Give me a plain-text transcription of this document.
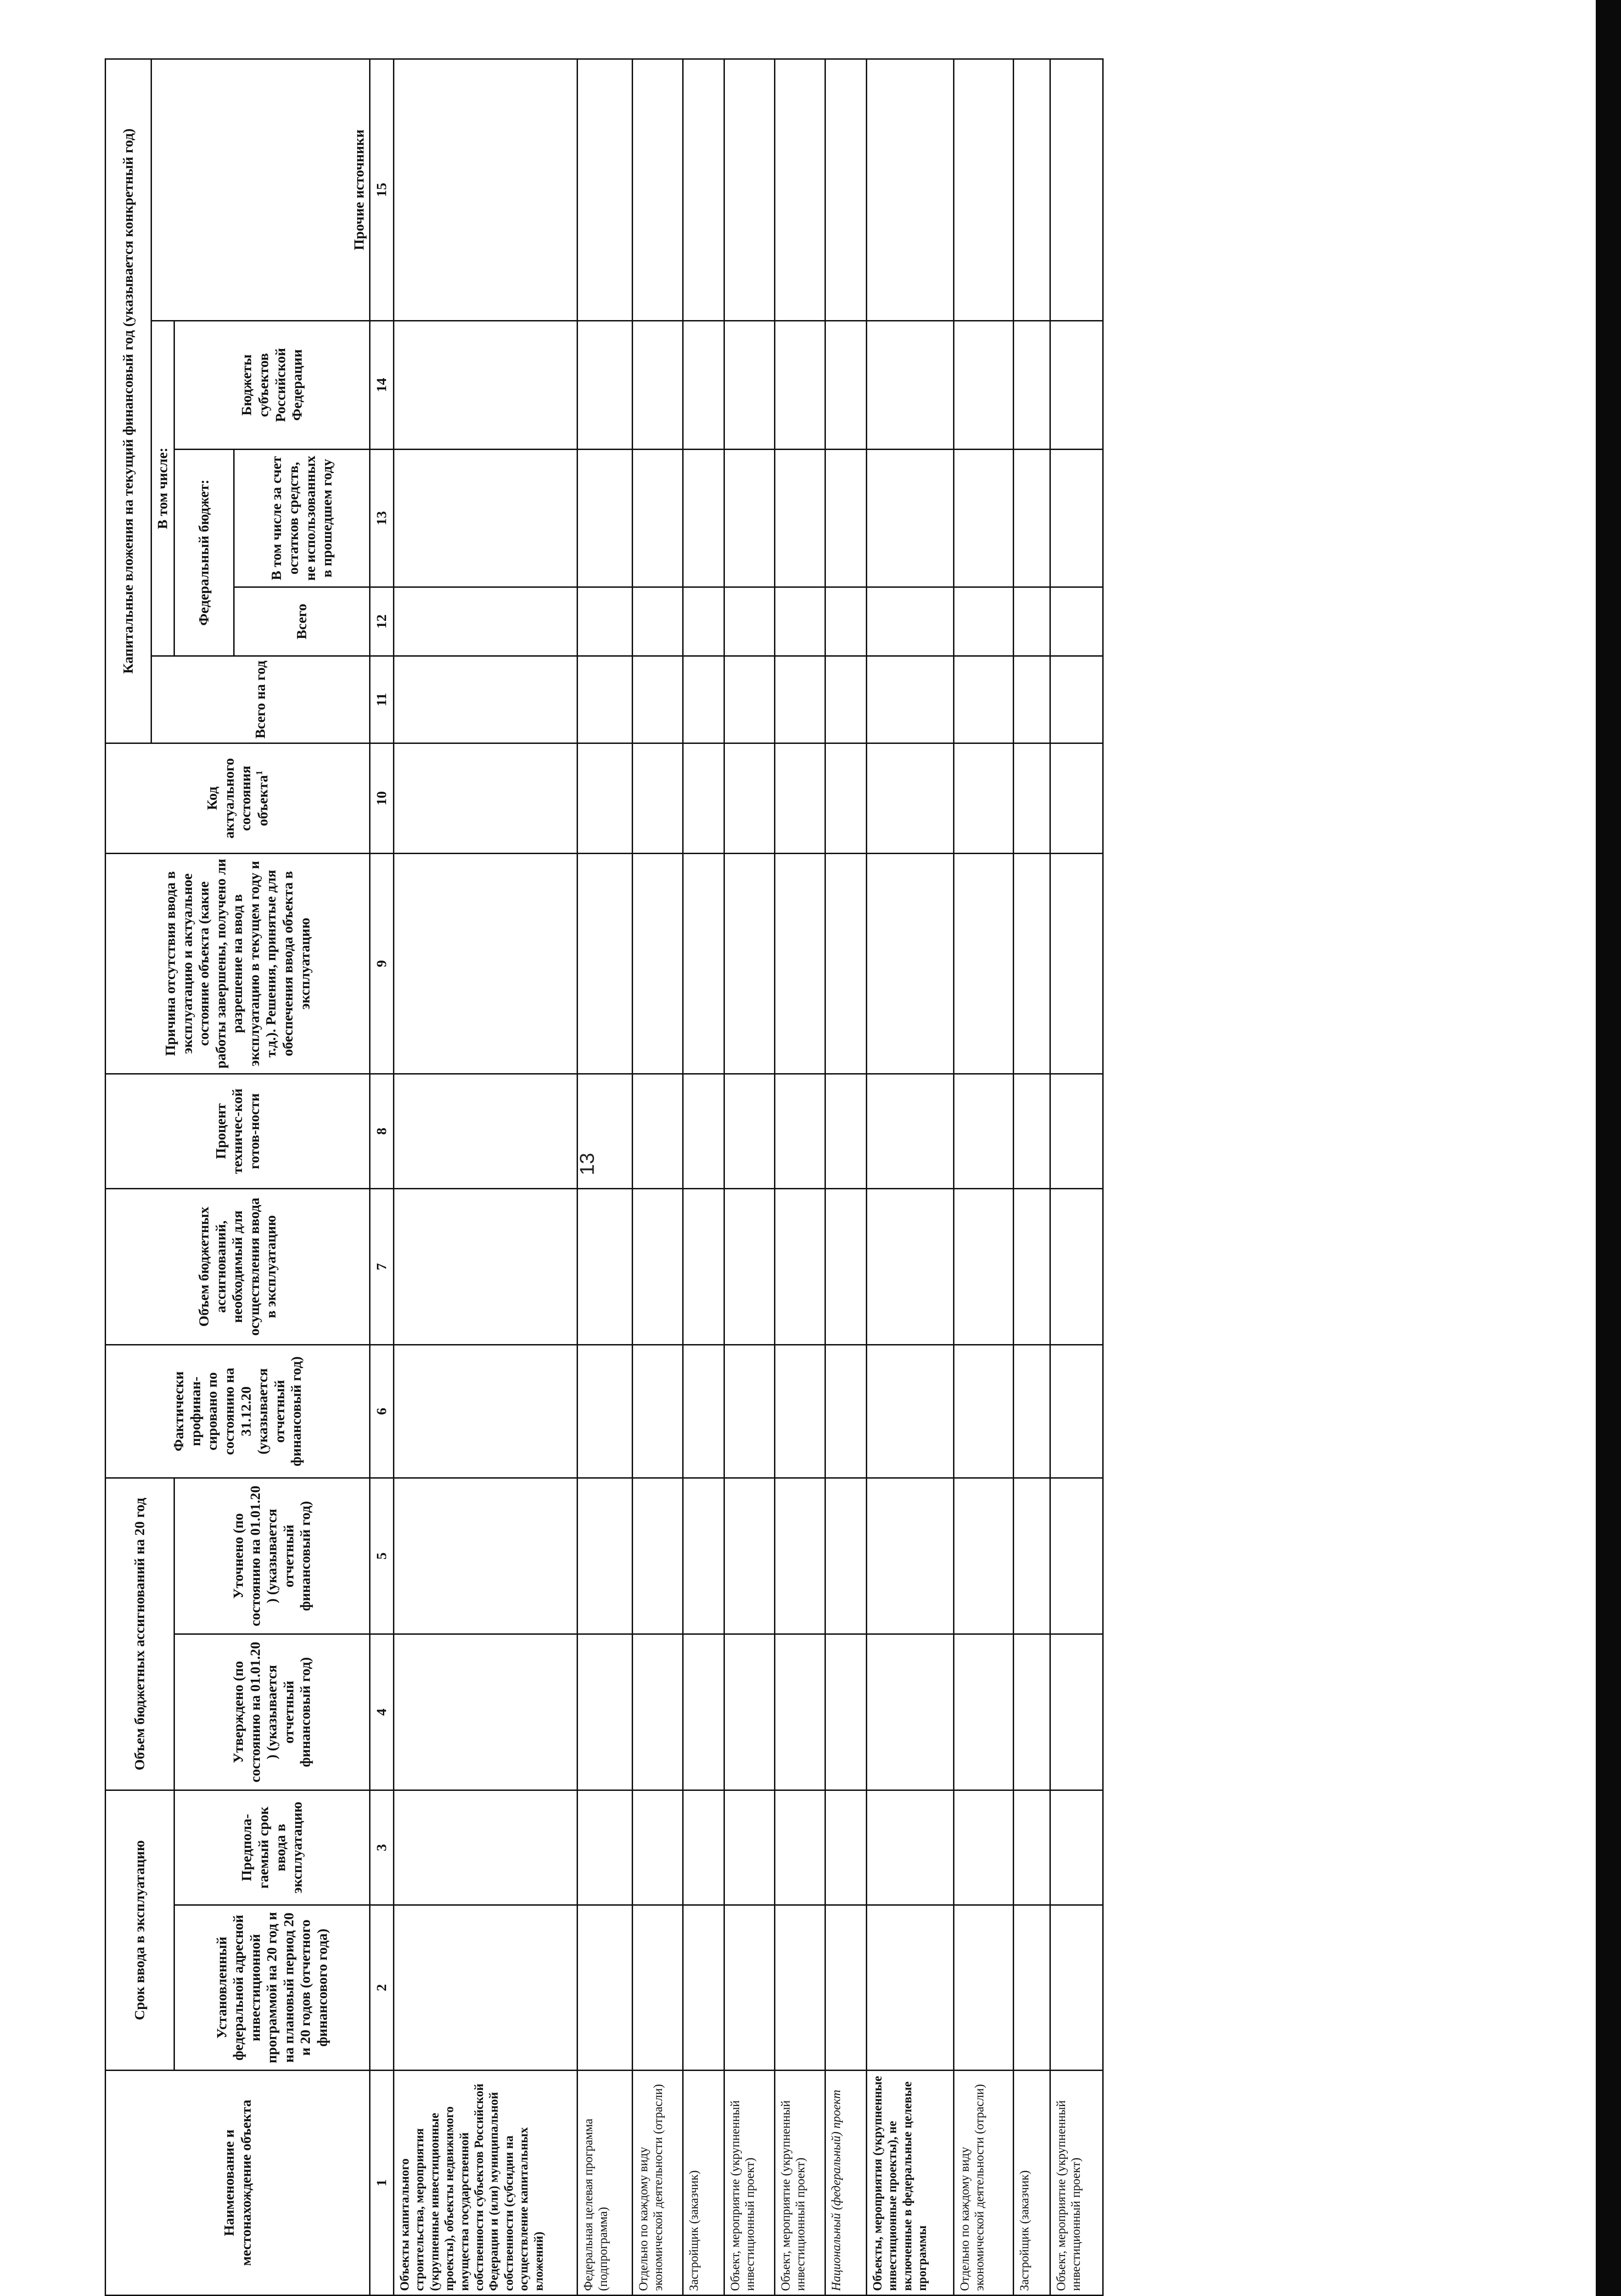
13
Наименование и местонахождение объекта	Срок ввода в эксплуатацию		Объем бюджетных ассигнований на 20 год		Фактически профинан-сировано по состоянию на 31.12.20 (указывается отчетный финансовый год)	Объем бюджетных ассигнований, необходимый для осуществления ввода в эксплуатацию	Процент техничес-кой готов-ности	Причина отсутствия ввода в эксплуатацию и актуальное состояние объекта (какие работы завершены, получено ли разрешение на ввод в эксплуатацию в текущем году и т.д.). Решения, принятые для обеспечения ввода объекта в эксплуатацию	Код актуального состояния объекта$^1$	Капитальные вложения на текущий финансовый год (указывается конкретный год)				
										Всего на год	В том числе:			
	Установленный федеральной адресной инвестиционной программой на 20 год и на плановый период 20 и 20 годов (отчетного финансового года)	Предпола-гаемый срок ввода в эксплуатацию	Утверждено (по состоянию на 01.01.20 ) (указывается отчетный финансовый год)	Уточнено (по состоянию на 01.01.20 ) (указывается отчетный финансовый год)							Федеральный бюджет:		Бюджеты субъектов Российской Федерации	
											Всего	В том числе за счет остатков средств, не использованных в прошедшем году		
														Прочие источники
1	2	3	4	5	6	7	8	9	10	11	12	13	14	15
Объекты капитального строительства, мероприятия (укрупненные инвестиционные проекты), объекты недвижимого имущества государственной собственности субъектов Российской Федерации и (или) муниципальной собственности (субсидии на осуществление капитальных вложений)														
Федеральная целевая программа (подпрограмма)														
Отдельно по каждому виду экономической деятельности (отрасли)														
Застройщик (заказчик)														
Объект, мероприятие (укрупненный инвестиционный проект)														
Объект, мероприятие (укрупненный инвестиционный проект)														
Национальный (федеральный) проект														
Объекты, мероприятия (укрупненные инвестиционные проекты), не включенные в федеральные целевые программы														
Отдельно по каждому виду экономической деятельности (отрасли)														
Застройщик (заказчик)														
Объект, мероприятие (укрупненный инвестиционный проект)														
